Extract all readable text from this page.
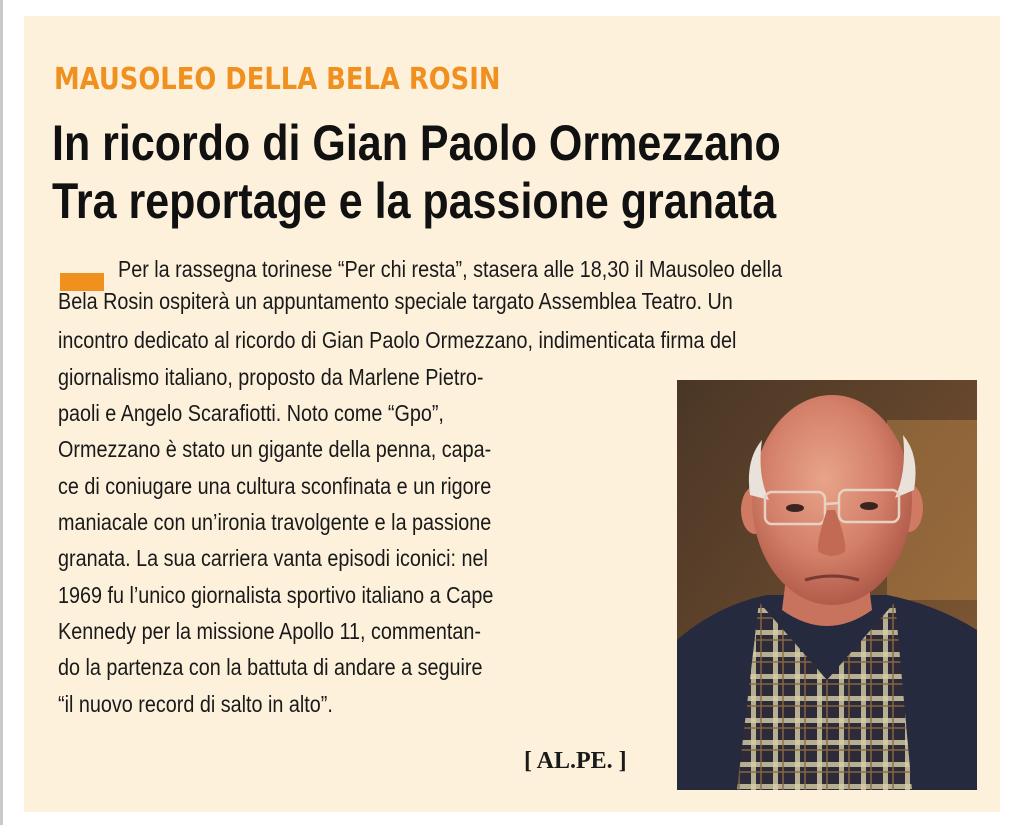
MAUSOLEO DELLA BELA ROSIN
In ricordo di Gian Paolo Ormezzano
Tra reportage e la passione granata
Per la rassegna torinese “Per chi resta”, stasera alle 18,30 il Mausoleo della
Bela Rosin ospiterà un appuntamento speciale targato Assemblea Teatro. Un
incontro dedicato al ricordo di Gian Paolo Ormezzano, indimenticata firma del
giornalismo italiano, proposto da Marlene Pietro-
paoli e Angelo Scarafiotti. Noto come “Gpo”,
Ormezzano è stato un gigante della penna, capa-
ce di coniugare una cultura sconfinata e un rigore
maniacale con un’ironia travolgente e la passione
granata. La sua carriera vanta episodi iconici: nel
1969 fu l’unico giornalista sportivo italiano a Cape
Kennedy per la missione Apollo 11, commentan-
do la partenza con la battuta di andare a seguire
“il nuovo record di salto in alto”.
[ AL.PE. ]
